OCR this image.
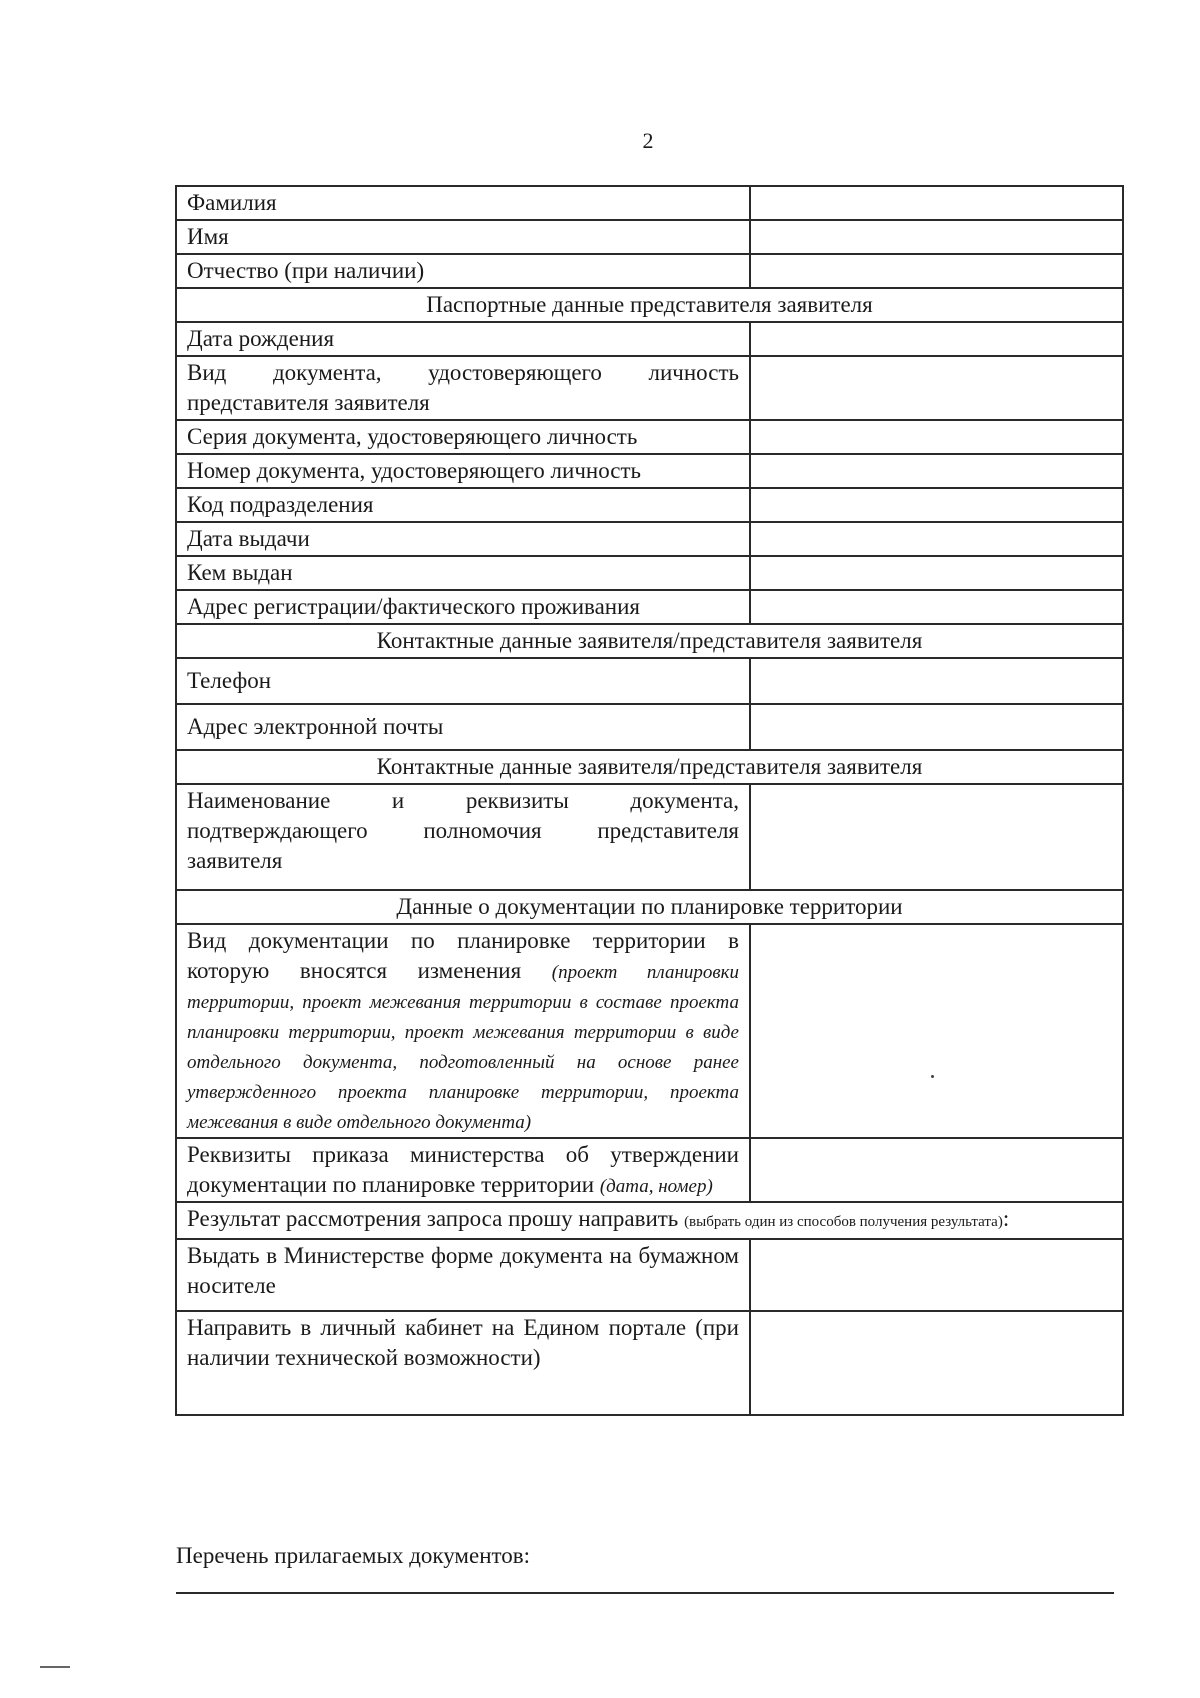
2
Фамилия	
Имя	
Отчество (при наличии)	
Паспортные данные представителя заявителя	
Дата рождения	
Вид документа, удостоверяющего личность представителя заявителя	
Серия документа, удостоверяющего личность	
Номер документа, удостоверяющего личность	
Код подразделения	
Дата выдачи	
Кем выдан	
Адрес регистрации/фактического проживания	
Контактные данные заявителя/представителя заявителя	
Телефон	
Адрес электронной почты	
Контактные данные заявителя/представителя заявителя	
Наименование и реквизиты документа, подтверждающего полномочия представителя заявителя	
Данные о документации по планировке территории	
Вид документации по планировке территории в которую вносятся изменения (проект планировки территории, проект межевания территории в составе проекта планировки территории, проект межевания территории в виде отдельного документа, подготовленный на основе ранее утвержденного проекта планировке территории, проекта межевания в виде отдельного документа)	

Реквизиты приказа министерства об утверждении документации по планировке территории (дата, номер)	
Результат рассмотрения запроса прошу направить (выбрать один из способов получения результата):	
Выдать в Министерстве форме документа на бумажном носителе	
Направить в личный кабинет на Едином портале (при наличии технической возможности)	
Перечень прилагаемых документов:
